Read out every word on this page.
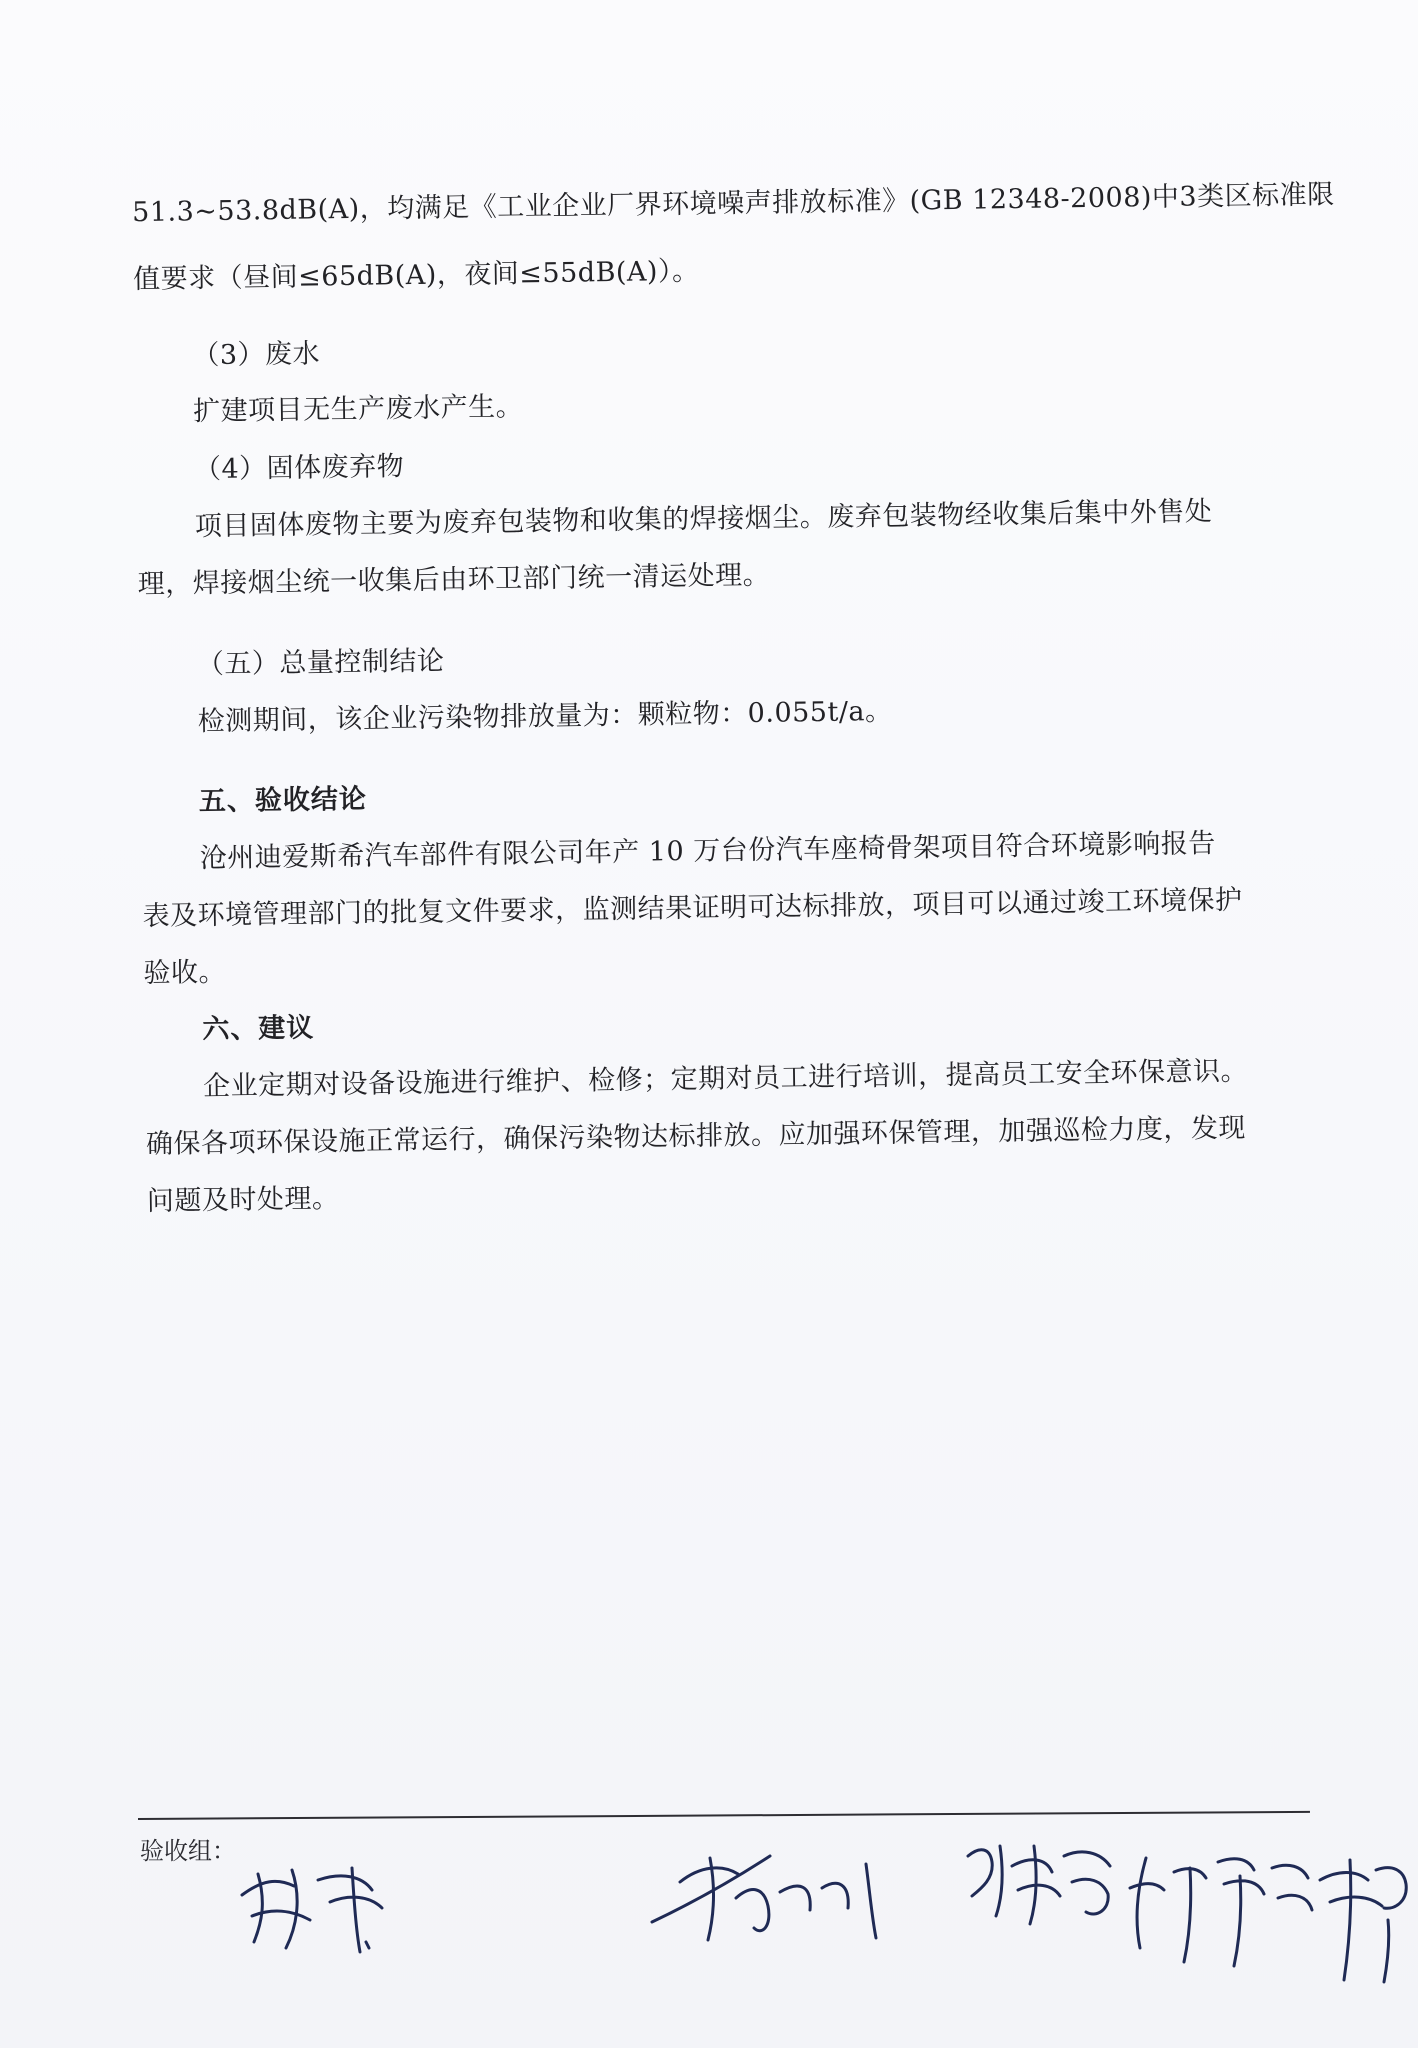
51.3~53.8dB(A)，均满足《工业企业厂界环境噪声排放标准》(GB 12348-2008)中3类区标准限
值要求（昼间≤65dB(A)，夜间≤55dB(A)）。
（3）废水
扩建项目无生产废水产生。
（4）固体废弃物
项目固体废物主要为废弃包装物和收集的焊接烟尘。废弃包装物经收集后集中外售处
理，焊接烟尘统一收集后由环卫部门统一清运处理。
（五）总量控制结论
检测期间，该企业污染物排放量为：颗粒物：0.055t/a。
五、验收结论
沧州迪爱斯希汽车部件有限公司年产 10 万台份汽车座椅骨架项目符合环境影响报告
表及环境管理部门的批复文件要求，监测结果证明可达标排放，项目可以通过竣工环境保护
验收。
六、建议
企业定期对设备设施进行维护、检修；定期对员工进行培训，提高员工安全环保意识。
确保各项环保设施正常运行，确保污染物达标排放。应加强环保管理，加强巡检力度，发现
问题及时处理。
验收组：
